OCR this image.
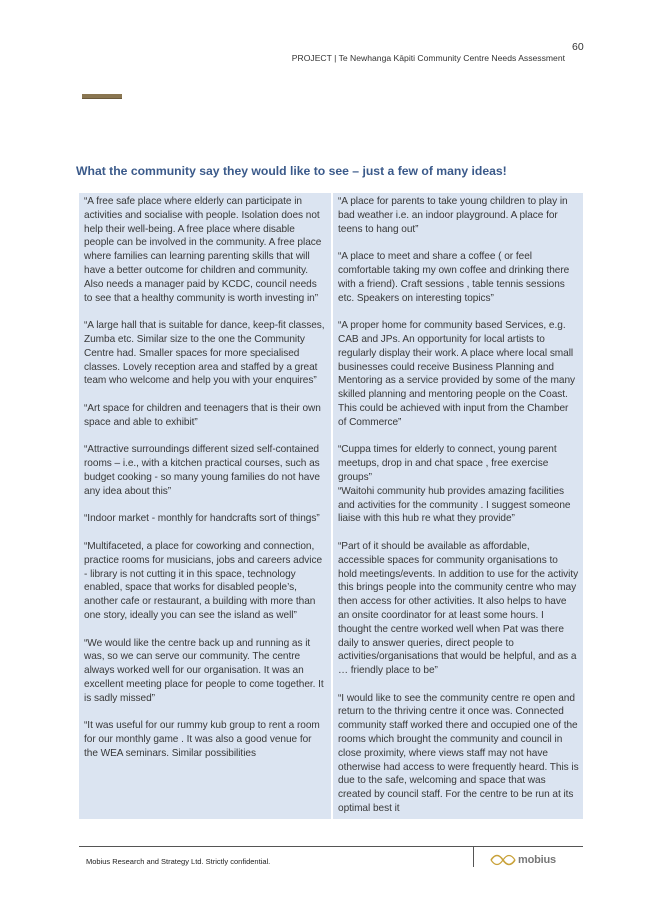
60
PROJECT | Te Newhanga Kāpiti Community Centre Needs Assessment
What the community say they would like to see – just a few of many ideas!

“A free safe place where elderly can participate in activities and socialise with people. Isolation does not help their well-being. A free place where disable people can be involved in the community. A free place where families can learning parenting skills that will have a better outcome for children and community. Also needs a manager paid by KCDC, council needs to see that a healthy community is worth investing in”

“A large hall that is suitable for dance, keep-fit classes, Zumba etc. Similar size to the one the Community Centre had. Smaller spaces for more specialised classes. Lovely reception area and staffed by a great team who welcome and help you with your enquires”

“Art space for children and teenagers that is their own space and able to exhibit”

“Attractive surroundings different sized self-contained rooms – i.e., with a kitchen practical courses, such as budget cooking - so many young families do not have any idea about this”

“Indoor market - monthly for handcrafts sort of things”

“Multifaceted, a place for coworking and connection, practice rooms for musicians, jobs and careers advice - library is not cutting it in this space, technology enabled, space that works for disabled people’s, another cafe or restaurant, a building with more than one story, ideally you can see the island as well”

“We would like the centre back up and running as it was, so we can serve our community. The centre always worked well for our organisation. It was an excellent meeting place for people to come together. It is sadly missed”

“It was useful for our rummy kub group to rent a room for our monthly game . It was also a good venue for the WEA seminars. Similar possibilities

“A place for parents to take young children to play in bad weather i.e. an indoor playground. A place for teens to hang out”

“A place to meet and share a coffee ( or feel comfortable taking my own coffee and drinking there with a friend). Craft sessions , table tennis sessions etc. Speakers on interesting topics”

“A proper home for community based Services, e.g. CAB and JPs. An opportunity for local artists to regularly display their work. A place where local small businesses could receive Business Planning and Mentoring as a service provided by some of the many skilled planning and mentoring people on the Coast. This could be achieved with input from the Chamber of Commerce”

“Cuppa times for elderly to connect, young parent meetups, drop in and chat space , free exercise groups”

“Waitohi community hub provides amazing facilities and activities for the community . I suggest someone liaise with this hub re what they provide”

“Part of it should be available as affordable, accessible spaces for community organisations to hold meetings/events. In addition to use for the activity this brings people into the community centre who may then access for other activities. It also helps to have an onsite coordinator for at least some hours. I thought the centre worked well when Pat was there daily to answer queries, direct people to activities/organisations that would be helpful, and as a … friendly place to be”

“I would like to see the community centre re open and return to the thriving centre it once was. Connected community staff worked there and occupied one of the rooms which brought the community and council in close proximity, where views staff may not have otherwise had access to were frequently heard. This is due to the safe, welcoming and space that was created by council staff. For the centre to be run at its optimal best it

Mobius Research and Strategy Ltd. Strictly confidential.	mobius
